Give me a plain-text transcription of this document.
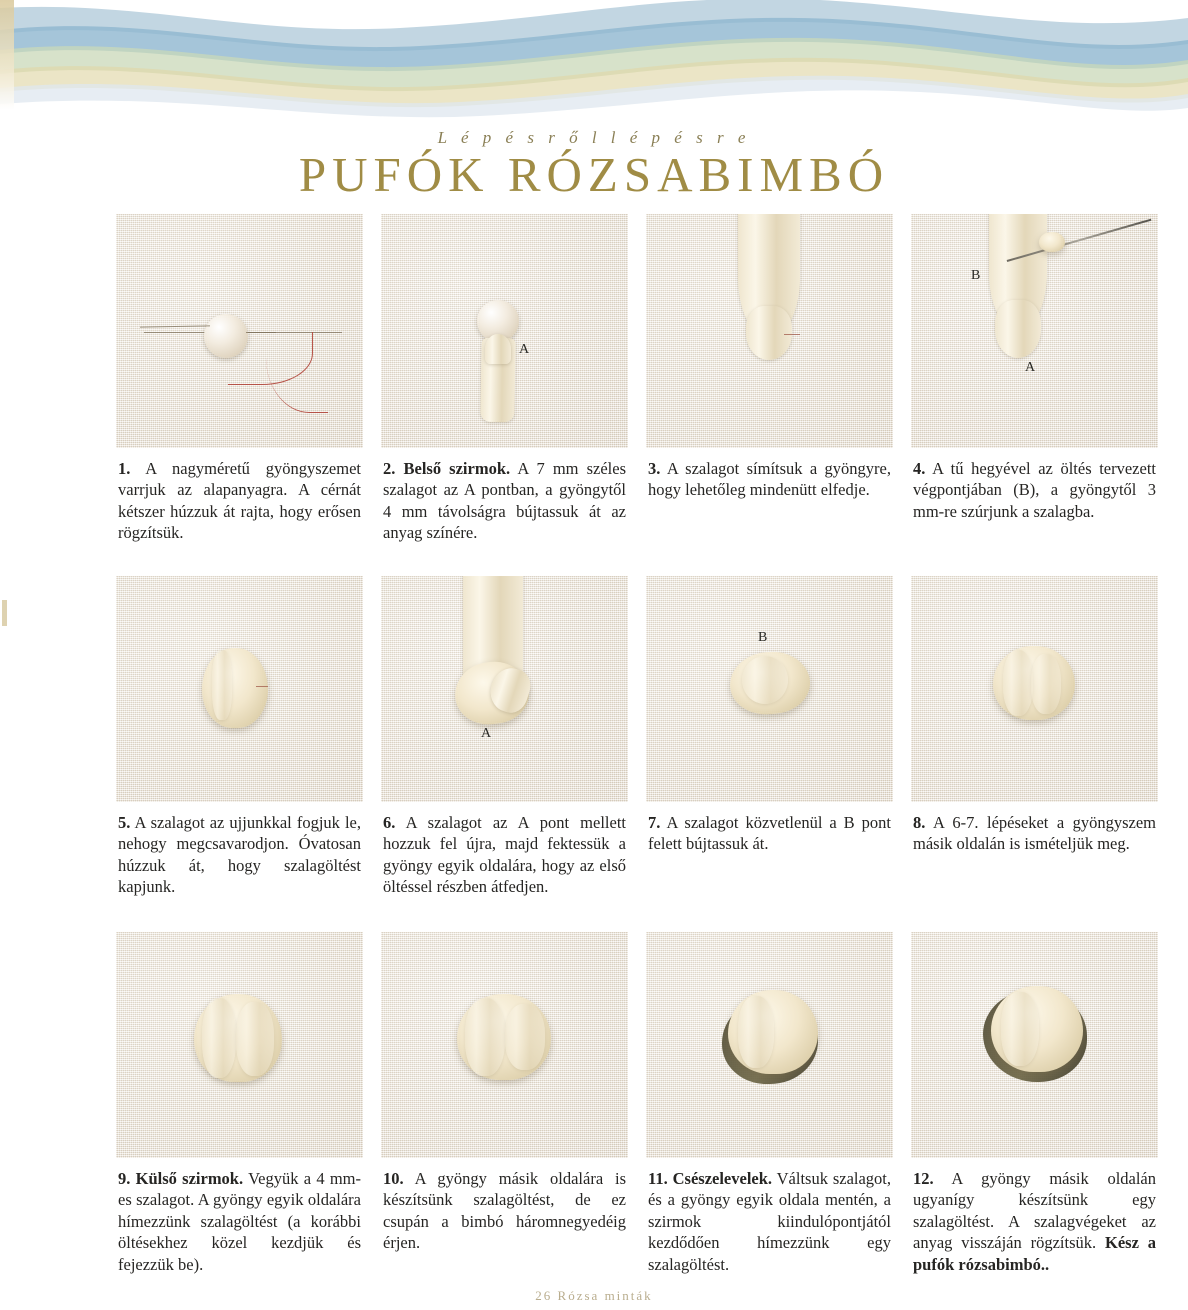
L é p é s r ő l l é p é s r e
PUFÓK RÓZSABIMBÓ
1. A nagyméretű gyöngyszemet varrjuk az alapanyagra. A cérnát kétszer húzzuk át rajta, hogy erősen rögzítsük.
A
2. Belső szirmok. A 7 mm széles szalagot az A pontban, a gyöngytől 4 mm távolságra bújtassuk át az anyag színére.
3. A szalagot símítsuk a gyöngyre, hogy lehetőleg mindenütt elfedje.
B
A
4. A tű hegyével az öltés tervezett végpontjában (B), a gyöngytől 3 mm-re szúrjunk a szalagba.
5. A szalagot az ujjunkkal fogjuk le, nehogy megcsavarodjon. Óvatosan húzzuk át, hogy szalagöltést kapjunk.
A
6. A szalagot az A pont mellett hozzuk fel újra, majd fektessük a gyöngy egyik oldalára, hogy az első öltéssel részben átfedjen.
B
7. A szalagot közvetlenül a B pont felett bújtassuk át.
8. A 6-7. lépéseket a gyöngyszem másik oldalán is ismételjük meg.
9. Külső szirmok. Vegyük a 4 mm-es szalagot. A gyöngy egyik oldalára hímezzünk szalagöltést (a korábbi öltésekhez közel kezdjük és fejezzük be).
10. A gyöngy másik oldalára is készítsünk szalagöltést, de ez csupán a bimbó háromnegyedéig érjen.
11. Csészelevelek. Váltsuk szalagot, és a gyöngy egyik oldala mentén, a szirmok kiindulópontjától kezdődően hímezzünk egy szalagöltést.
12. A gyöngy másik oldalán ugyanígy készítsünk egy szalagöltést. A szalagvégeket az anyag visszáján rögzítsük. Kész a pufók rózsabimbó..
26 Rózsa minták
